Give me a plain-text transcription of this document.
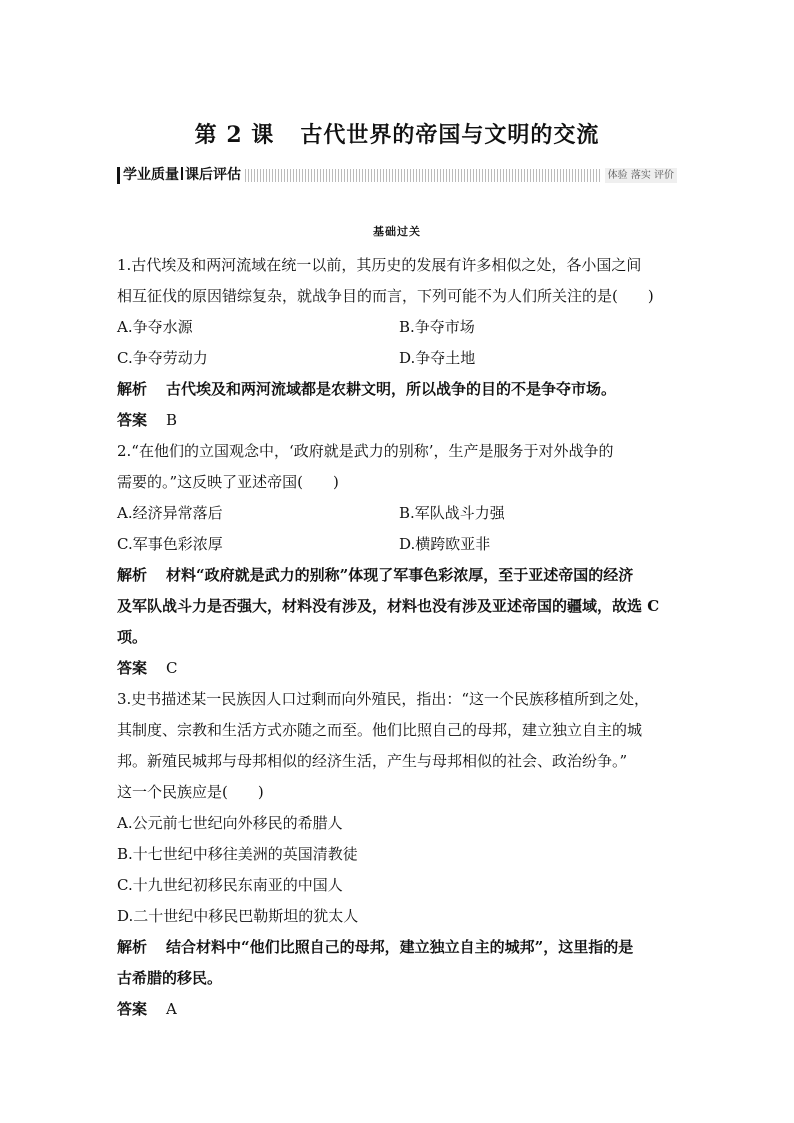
第 2 课 古代世界的帝国与文明的交流
学业质量 课后评估	体验 落实 评价
基础过关
1.古代埃及和两河流域在统一以前，其历史的发展有许多相似之处，各小国之间
相互征伐的原因错综复杂，就战争目的而言，下列可能不为人们所关注的是(　　)
A.争夺水源	B.争夺市场
C.争夺劳动力	D.争夺土地
解析 古代埃及和两河流域都是农耕文明，所以战争的目的不是争夺市场。
答案 B
2.“在他们的立国观念中，‘政府就是武力的别称’，生产是服务于对外战争的
需要的。”这反映了亚述帝国(　　)
A.经济异常落后	B.军队战斗力强
C.军事色彩浓厚	D.横跨欧亚非
解析 材料“政府就是武力的别称”体现了军事色彩浓厚，至于亚述帝国的经济
及军队战斗力是否强大，材料没有涉及，材料也没有涉及亚述帝国的疆域，故选 C
项。
答案 C
3.史书描述某一民族因人口过剩而向外殖民，指出：“这一个民族移植所到之处，
其制度、宗教和生活方式亦随之而至。他们比照自己的母邦，建立独立自主的城
邦。新殖民城邦与母邦相似的经济生活，产生与母邦相似的社会、政治纷争。”
这一个民族应是(　　)
A.公元前七世纪向外移民的希腊人
B.十七世纪中移往美洲的英国清教徒
C.十九世纪初移民东南亚的中国人
D.二十世纪中移民巴勒斯坦的犹太人
解析 结合材料中“他们比照自己的母邦，建立独立自主的城邦”，这里指的是
古希腊的移民。
答案 A
